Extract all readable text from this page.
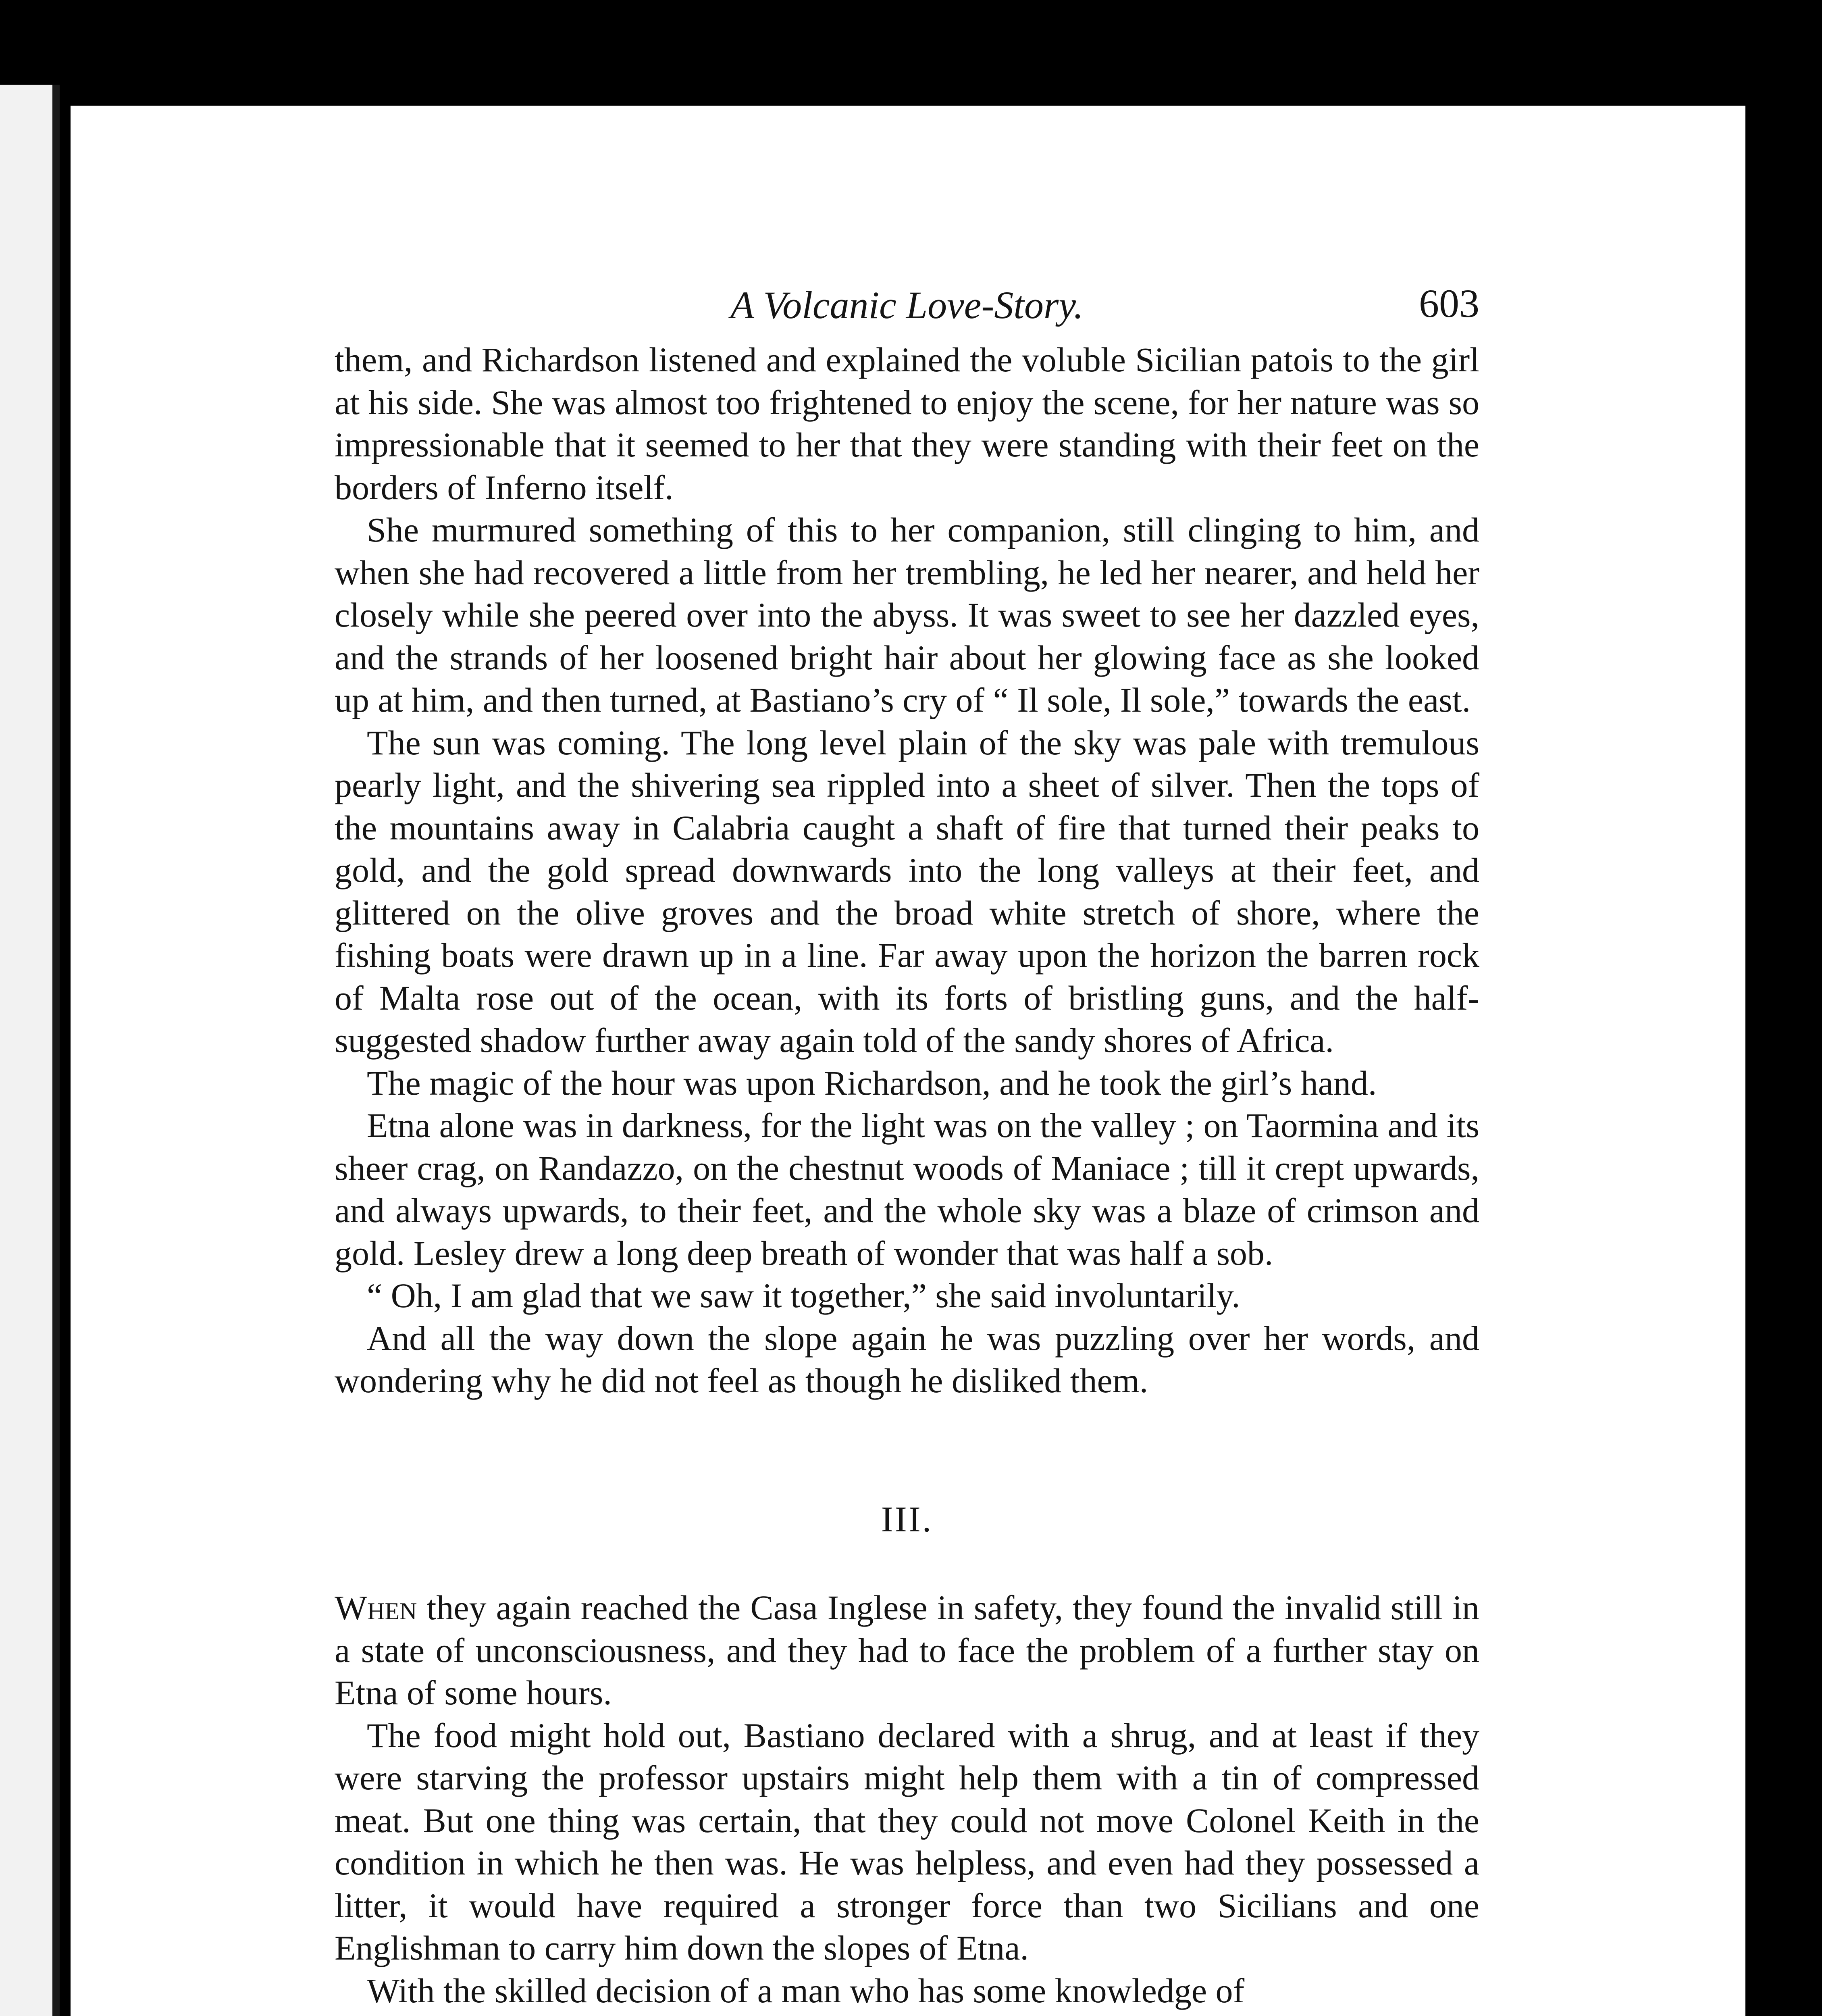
A Volcanic Love-Story.	603

them, and Richardson listened and explained the voluble Sicilian patois to the girl at his side. She was almost too frightened to enjoy the scene, for her nature was so impressionable that it seemed to her that they were standing with their feet on the borders of Inferno itself.

She murmured something of this to her companion, still clinging to him, and when she had recovered a little from her trembling, he led her nearer, and held her closely while she peered over into the abyss. It was sweet to see her dazzled eyes, and the strands of her loosened bright hair about her glowing face as she looked up at him, and then turned, at Bastiano’s cry of “ Il sole, Il sole,” towards the east.

The sun was coming. The long level plain of the sky was pale with tremulous pearly light, and the shivering sea rippled into a sheet of silver. Then the tops of the mountains away in Calabria caught a shaft of fire that turned their peaks to gold, and the gold spread downwards into the long valleys at their feet, and glittered on the olive groves and the broad white stretch of shore, where the fishing boats were drawn up in a line. Far away upon the horizon the barren rock of Malta rose out of the ocean, with its forts of bristling guns, and the half-suggested shadow further away again told of the sandy shores of Africa.

The magic of the hour was upon Richardson, and he took the girl’s hand.

Etna alone was in darkness, for the light was on the valley ; on Taormina and its sheer crag, on Randazzo, on the chestnut woods of Maniace ; till it crept upwards, and always upwards, to their feet, and the whole sky was a blaze of crimson and gold. Lesley drew a long deep breath of wonder that was half a sob.

“ Oh, I am glad that we saw it together,” she said involuntarily.

And all the way down the slope again he was puzzling over her words, and wondering why he did not feel as though he disliked them.

III.

When they again reached the Casa Inglese in safety, they found the invalid still in a state of unconsciousness, and they had to face the problem of a further stay on Etna of some hours.

The food might hold out, Bastiano declared with a shrug, and at least if they were starving the professor upstairs might help them with a tin of compressed meat. But one thing was certain, that they could not move Colonel Keith in the condition in which he then was. He was helpless, and even had they possessed a litter, it would have required a stronger force than two Sicilians and one Englishman to carry him down the slopes of Etna.

With the skilled decision of a man who has some knowledge of
